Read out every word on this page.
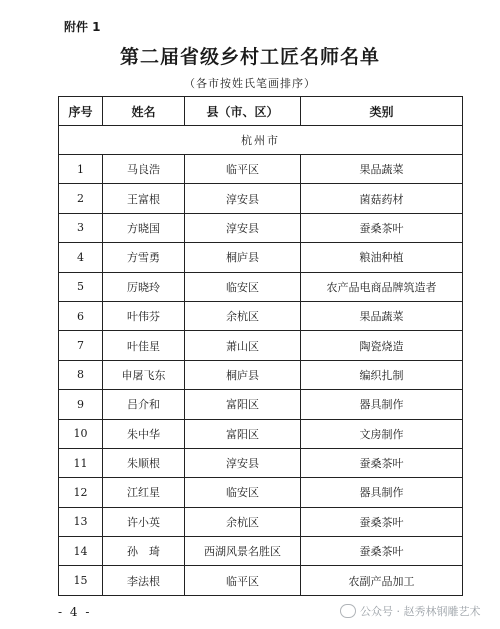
附件 1
第二届省级乡村工匠名师名单
（各市按姓氏笔画排序）
序号	姓名	县（市、区）	类别
杭州市			
1	马良浩	临平区	果品蔬菜
2	王富根	淳安县	菌菇药材
3	方晓国	淳安县	蚕桑茶叶
4	方雪勇	桐庐县	粮油种植
5	厉晓玲	临安区	农产品电商品牌筑造者
6	叶伟芬	余杭区	果品蔬菜
7	叶佳星	萧山区	陶瓷烧造
8	申屠飞东	桐庐县	编织扎制
9	吕介和	富阳区	器具制作
10	朱中华	富阳区	文房制作
11	朱顺根	淳安县	蚕桑茶叶
12	江红星	临安区	器具制作
13	许小英	余杭区	蚕桑茶叶
14	孙　琦	西湖风景名胜区	蚕桑茶叶
15	李法根	临平区	农副产品加工
- 4 -	公众号 · 赵秀林钢雕艺术
